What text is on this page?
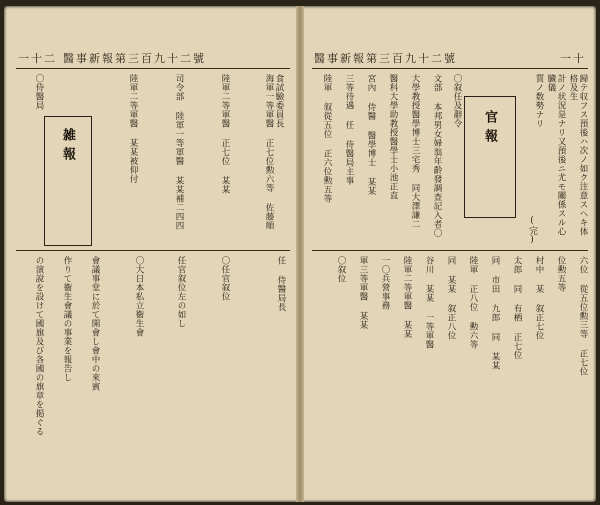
一十二 醫事新報第三百九十二號
食試驗委員長
海軍一等軍醫 正七位勲六等 佐藤順
陸軍二等軍醫 正七位 某某
司令部 陸軍一等軍醫 某某補二四四
陸軍二等軍醫 某某被仰付
雑報
〇侍醫局
任 侍醫局長
〇任官叙位
任官叙位左の如し
〇大日本私立衞生會
會議事堂に於て開會し會中の來賓
作りて衞生會議の事業を報告し
の演說を設けて國旗及び各國の旗章を掲ぐる
醫事新報第三百九十二號	一十
歸テ収フス預後ハ次ノ如ク注意スヘキ体格及生
計ノ状況是ナリ又預後ニ尤モ關係スル心臓儀
質ノ数勢ナリ
(完)
官報
〇叙任及辭令
文部 本邦男女婦翁年齡發調查記入者〇
大學教授醫學博士三宅秀 同大澤謙二
醫科大學助教授醫學士小池正直
宮內 侍醫 醫學博士 某某
三等待遇 任 侍醫局主事
陸軍 叙從五位 正六位勲五等
六位 從五位勲三等 正七位
位勲五等
村中 某 叙正七位
太郎 同 有栖 正七位
同 市田 九郎 同 某某
陸軍 正八位 勲六等
同 某某 叙正八位
谷川 某某 一等軍醫
陸軍二等軍醫 某某
一〇兵營事務
軍三等軍醫 某某
〇叙位
